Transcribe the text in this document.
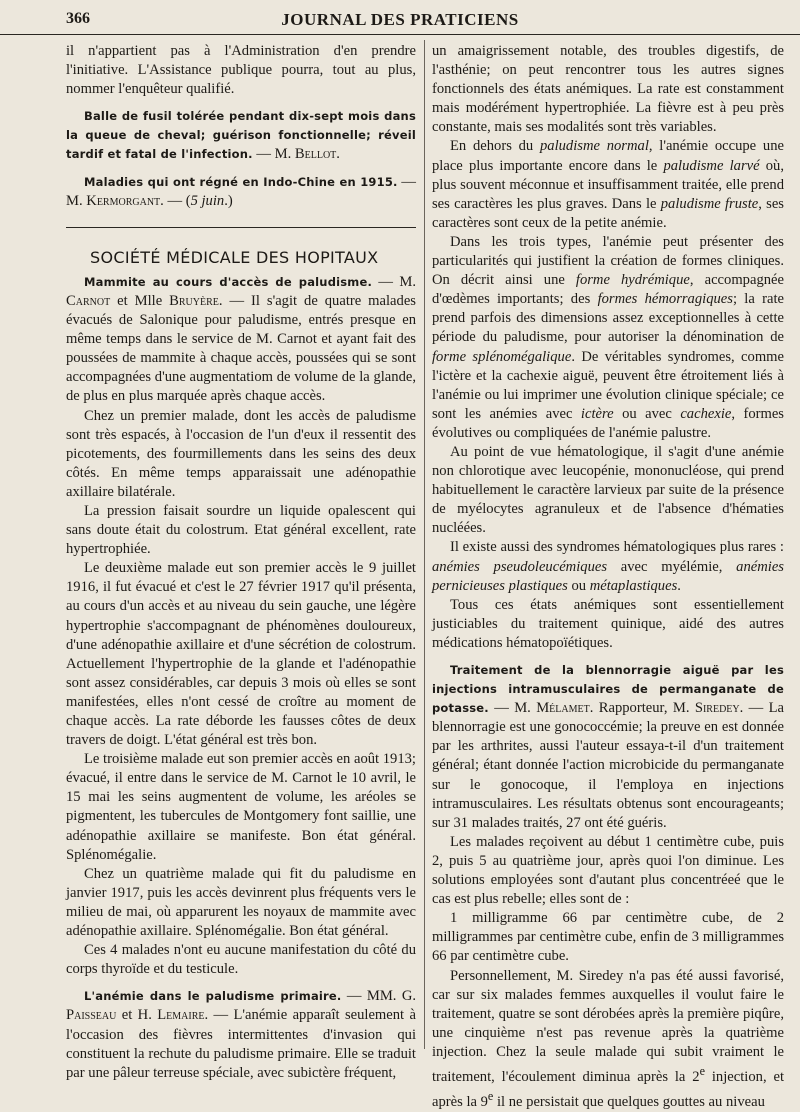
366	JOURNAL DES PRATICIENS

il n'appartient pas à l'Administration d'en prendre l'initiative. L'Assistance publique pourra, tout au plus, nommer l'enquêteur qualifié.

Balle de fusil tolérée pendant dix-sept mois dans la queue de cheval; guérison fonctionnelle; réveil tardif et fatal de l'infection. — M. Bellot.

Maladies qui ont régné en Indo-Chine en 1915. — M. Kermorgant. — (5 juin.)

SOCIÉTÉ MÉDICALE DES HOPITAUX

Mammite au cours d'accès de paludisme. — M. Carnot et Mlle Bruyère. — Il s'agit de quatre malades évacués de Salonique pour paludisme, entrés presque en même temps dans le service de M. Carnot et ayant fait des poussées de mammite à chaque accès, poussées qui se sont accompagnées d'une augmentatiom de volume de la glande, de plus en plus marquée après chaque accès.

Chez un premier malade, dont les accès de paludisme sont très espacés, à l'occasion de l'un d'eux il ressentit des picotements, des fourmillements dans les seins des deux côtés. En même temps apparaissait une adénopathie axillaire bilatérale.

La pression faisait sourdre un liquide opalescent qui sans doute était du colostrum. Etat général excellent, rate hypertrophiée.

Le deuxième malade eut son premier accès le 9 juillet 1916, il fut évacué et c'est le 27 février 1917 qu'il présenta, au cours d'un accès et au niveau du sein gauche, une légère hypertrophie s'accompagnant de phénomènes douloureux, d'une adénopathie axillaire et d'une sécrétion de colostrum. Actuellement l'hypertrophie de la glande et l'adénopathie sont assez considérables, car depuis 3 mois où elles se sont manifestées, elles n'ont cessé de croître au moment de chaque accès. La rate déborde les fausses côtes de deux travers de doigt. L'état général est très bon.

Le troisième malade eut son premier accès en août 1913; évacué, il entre dans le service de M. Carnot le 10 avril, le 15 mai les seins augmentent de volume, les aréoles se pigmentent, les tubercules de Montgomery font saillie, une adénopathie axillaire se manifeste. Bon état général. Splénomégalie.

Chez un quatrième malade qui fit du paludisme en janvier 1917, puis les accès devinrent plus fréquents vers le milieu de mai, où apparurent les noyaux de mammite avec adénopathie axillaire. Splénomégalie. Bon état général.

Ces 4 malades n'ont eu aucune manifestation du côté du corps thyroïde et du testicule.

L'anémie dans le paludisme primaire. — MM. G. Paisseau et H. Lemaire. — L'anémie apparaît seulement à l'occasion des fièvres intermittentes d'invasion qui constituent la rechute du paludisme primaire. Elle se traduit par une pâleur terreuse spéciale, avec subictère fréquent,

un amaigrissement notable, des troubles digestifs, de l'asthénie; on peut rencontrer tous les autres signes fonctionnels des états anémiques. La rate est constamment mais modérément hypertrophiée. La fièvre est à peu près constante, mais ses modalités sont très variables.

En dehors du paludisme normal, l'anémie occupe une place plus importante encore dans le paludisme larvé où, plus souvent méconnue et insuffisamment traitée, elle prend ses caractères les plus graves. Dans le paludisme fruste, ses caractères sont ceux de la petite anémie.

Dans les trois types, l'anémie peut présenter des particularités qui justifient la création de formes cliniques. On décrit ainsi une forme hydrémique, accompagnée d'œdèmes importants; des formes hémorragiques; la rate prend parfois des dimensions assez exceptionnelles à cette période du paludisme, pour autoriser la dénomination de forme splénomégalique. De véritables syndromes, comme l'ictère et la cachexie aiguë, peuvent être étroitement liés à l'anémie ou lui imprimer une évolution clinique spéciale; ce sont les anémies avec ictère ou avec cachexie, formes évolutives ou compliquées de l'anémie palustre.

Au point de vue hématologique, il s'agit d'une anémie non chlorotique avec leucopénie, mononucléose, qui prend habituellement le caractère larvieux par suite de la présence de myélocytes agranuleux et de l'absence d'hématies nucléées.

Il existe aussi des syndromes hématologiques plus rares : anémies pseudoleucémiques avec myélémie, anémies pernicieuses plastiques ou métaplastiques.

Tous ces états anémiques sont essentiellement justiciables du traitement quinique, aidé des autres médications hématopoïétiques.

Traitement de la blennorragie aiguë par les injections intramusculaires de permanganate de potasse. — M. Mélamet. Rapporteur, M. Siredey. — La blennorragie est une gonococcémie; la preuve en est donnée par les arthrites, aussi l'auteur essaya-t-il d'un traitement général; étant donnée l'action microbicide du permanganate sur le gonocoque, il l'employa en injections intramusculaires. Les résultats obtenus sont encourageants; sur 31 malades traités, 27 ont été guéris.

Les malades reçoivent au début 1 centimètre cube, puis 2, puis 5 au quatrième jour, après quoi l'on diminue. Les solutions employées sont d'autant plus concentréeé que le cas est plus rebelle; elles sont de :

1 milligramme 66 par centimètre cube, de 2 milligrammes par centimètre cube, enfin de 3 milligrammes 66 par centimètre cube.

Personnellement, M. Siredey n'a pas été aussi favorisé, car sur six malades femmes auxquelles il voulut faire le traitement, quatre se sont dérobées après la première piqûre, une cinquième n'est pas revenue après la quatrième injection. Chez la seule malade qui subit vraiment le traitement, l'écoulement diminua après la 2e injection, et après la 9e il ne persistait que quelques gouttes au niveau
